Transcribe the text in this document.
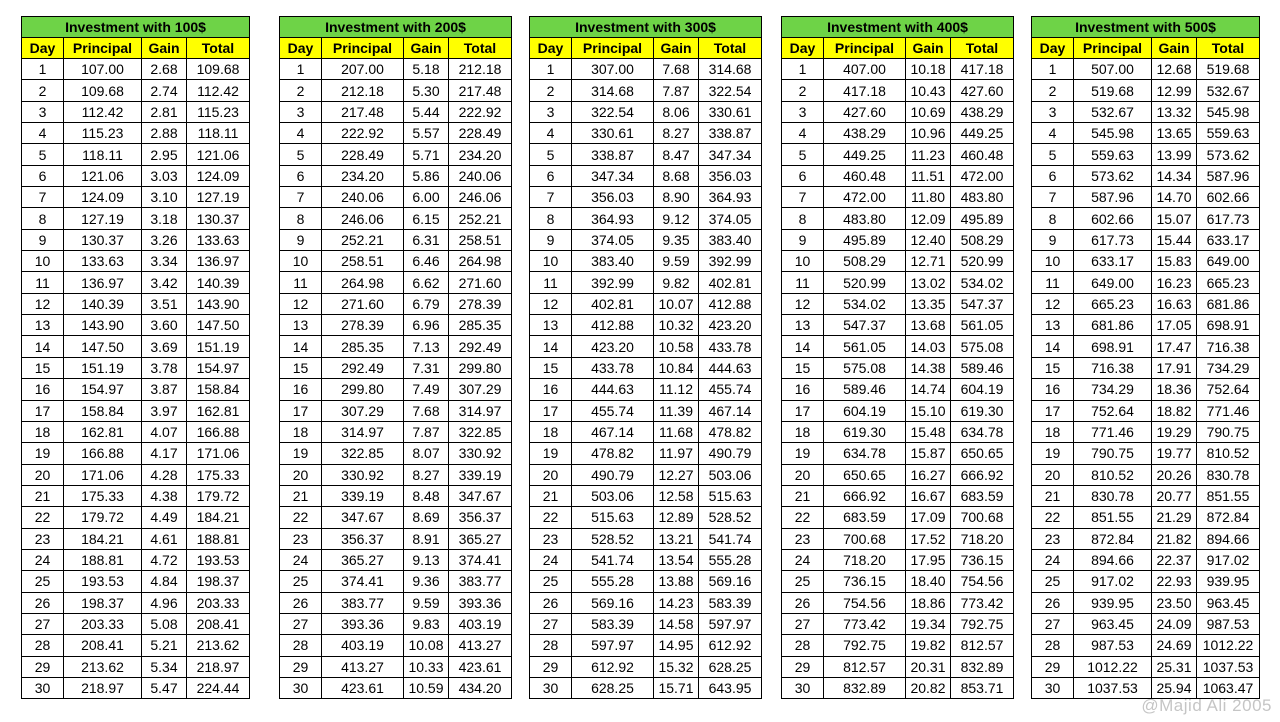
Investment with 100$			
Day	Principal	Gain	Total
1	107.00	2.68	109.68
2	109.68	2.74	112.42
3	112.42	2.81	115.23
4	115.23	2.88	118.11
5	118.11	2.95	121.06
6	121.06	3.03	124.09
7	124.09	3.10	127.19
8	127.19	3.18	130.37
9	130.37	3.26	133.63
10	133.63	3.34	136.97
11	136.97	3.42	140.39
12	140.39	3.51	143.90
13	143.90	3.60	147.50
14	147.50	3.69	151.19
15	151.19	3.78	154.97
16	154.97	3.87	158.84
17	158.84	3.97	162.81
18	162.81	4.07	166.88
19	166.88	4.17	171.06
20	171.06	4.28	175.33
21	175.33	4.38	179.72
22	179.72	4.49	184.21
23	184.21	4.61	188.81
24	188.81	4.72	193.53
25	193.53	4.84	198.37
26	198.37	4.96	203.33
27	203.33	5.08	208.41
28	208.41	5.21	213.62
29	213.62	5.34	218.97
30	218.97	5.47	224.44
Investment with 200$			
Day	Principal	Gain	Total
1	207.00	5.18	212.18
2	212.18	5.30	217.48
3	217.48	5.44	222.92
4	222.92	5.57	228.49
5	228.49	5.71	234.20
6	234.20	5.86	240.06
7	240.06	6.00	246.06
8	246.06	6.15	252.21
9	252.21	6.31	258.51
10	258.51	6.46	264.98
11	264.98	6.62	271.60
12	271.60	6.79	278.39
13	278.39	6.96	285.35
14	285.35	7.13	292.49
15	292.49	7.31	299.80
16	299.80	7.49	307.29
17	307.29	7.68	314.97
18	314.97	7.87	322.85
19	322.85	8.07	330.92
20	330.92	8.27	339.19
21	339.19	8.48	347.67
22	347.67	8.69	356.37
23	356.37	8.91	365.27
24	365.27	9.13	374.41
25	374.41	9.36	383.77
26	383.77	9.59	393.36
27	393.36	9.83	403.19
28	403.19	10.08	413.27
29	413.27	10.33	423.61
30	423.61	10.59	434.20
Investment with 300$			
Day	Principal	Gain	Total
1	307.00	7.68	314.68
2	314.68	7.87	322.54
3	322.54	8.06	330.61
4	330.61	8.27	338.87
5	338.87	8.47	347.34
6	347.34	8.68	356.03
7	356.03	8.90	364.93
8	364.93	9.12	374.05
9	374.05	9.35	383.40
10	383.40	9.59	392.99
11	392.99	9.82	402.81
12	402.81	10.07	412.88
13	412.88	10.32	423.20
14	423.20	10.58	433.78
15	433.78	10.84	444.63
16	444.63	11.12	455.74
17	455.74	11.39	467.14
18	467.14	11.68	478.82
19	478.82	11.97	490.79
20	490.79	12.27	503.06
21	503.06	12.58	515.63
22	515.63	12.89	528.52
23	528.52	13.21	541.74
24	541.74	13.54	555.28
25	555.28	13.88	569.16
26	569.16	14.23	583.39
27	583.39	14.58	597.97
28	597.97	14.95	612.92
29	612.92	15.32	628.25
30	628.25	15.71	643.95
Investment with 400$			
Day	Principal	Gain	Total
1	407.00	10.18	417.18
2	417.18	10.43	427.60
3	427.60	10.69	438.29
4	438.29	10.96	449.25
5	449.25	11.23	460.48
6	460.48	11.51	472.00
7	472.00	11.80	483.80
8	483.80	12.09	495.89
9	495.89	12.40	508.29
10	508.29	12.71	520.99
11	520.99	13.02	534.02
12	534.02	13.35	547.37
13	547.37	13.68	561.05
14	561.05	14.03	575.08
15	575.08	14.38	589.46
16	589.46	14.74	604.19
17	604.19	15.10	619.30
18	619.30	15.48	634.78
19	634.78	15.87	650.65
20	650.65	16.27	666.92
21	666.92	16.67	683.59
22	683.59	17.09	700.68
23	700.68	17.52	718.20
24	718.20	17.95	736.15
25	736.15	18.40	754.56
26	754.56	18.86	773.42
27	773.42	19.34	792.75
28	792.75	19.82	812.57
29	812.57	20.31	832.89
30	832.89	20.82	853.71
Investment with 500$			
Day	Principal	Gain	Total
1	507.00	12.68	519.68
2	519.68	12.99	532.67
3	532.67	13.32	545.98
4	545.98	13.65	559.63
5	559.63	13.99	573.62
6	573.62	14.34	587.96
7	587.96	14.70	602.66
8	602.66	15.07	617.73
9	617.73	15.44	633.17
10	633.17	15.83	649.00
11	649.00	16.23	665.23
12	665.23	16.63	681.86
13	681.86	17.05	698.91
14	698.91	17.47	716.38
15	716.38	17.91	734.29
16	734.29	18.36	752.64
17	752.64	18.82	771.46
18	771.46	19.29	790.75
19	790.75	19.77	810.52
20	810.52	20.26	830.78
21	830.78	20.77	851.55
22	851.55	21.29	872.84
23	872.84	21.82	894.66
24	894.66	22.37	917.02
25	917.02	22.93	939.95
26	939.95	23.50	963.45
27	963.45	24.09	987.53
28	987.53	24.69	1012.22
29	1012.22	25.31	1037.53
30	1037.53	25.94	1063.47
@Majid Ali 2005
